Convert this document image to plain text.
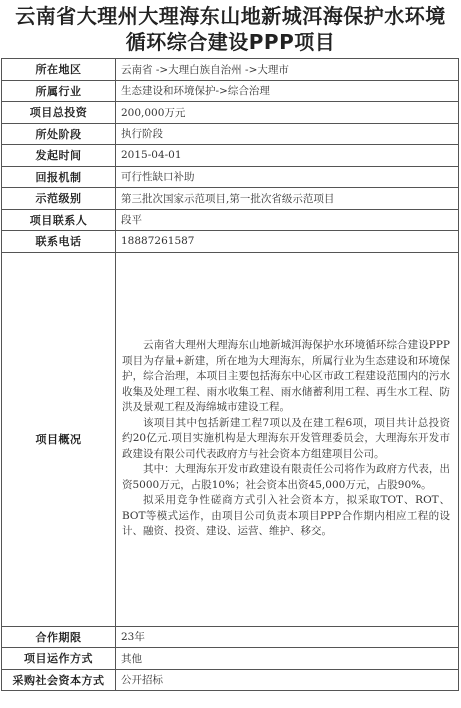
云南省大理州大理海东山地新城洱海保护水环境
循环综合建设PPP项目
所在地区	云南省 ->大理白族自治州 ->大理市
所属行业	生态建设和环境保护->综合治理
项目总投资	200,000万元
所处阶段	执行阶段
发起时间	2015-04-01
回报机制	可行性缺口补助
示范级别	第三批次国家示范项目,第一批次省级示范项目
项目联系人	段平
联系电话	18887261587
项目概况	云南省大理州大理海东山地新城洱海保护水环境循环综合建设PPP项目为存量+新建，所在地为大理海东，所属行业为生态建设和环境保护，综合治理，本项目主要包括海东中心区市政工程建设范围内的污水收集及处理工程、雨水收集工程、雨水储蓄利用工程、再生水工程、防洪及景观工程及海绵城市建设工程。

该项目其中包括新建工程7项以及在建工程6项，项目共计总投资约20亿元.项目实施机构是大理海东开发管理委员会，大理海东开发市政建设有限公司代表政府方与社会资本方组建项目公司。

其中：大理海东开发市政建设有限责任公司将作为政府方代表，出资5000万元，占股10%；社会资本出资45,000万元，占股90%。

拟采用竞争性磋商方式引入社会资本方，拟采取TOT、ROT、BOT等模式运作，由项目公司负责本项目PPP合作期内相应工程的设计、融资、投资、建设、运营、维护、移交。

合作期限	23年
项目运作方式	其他
采购社会资本方式	公开招标
